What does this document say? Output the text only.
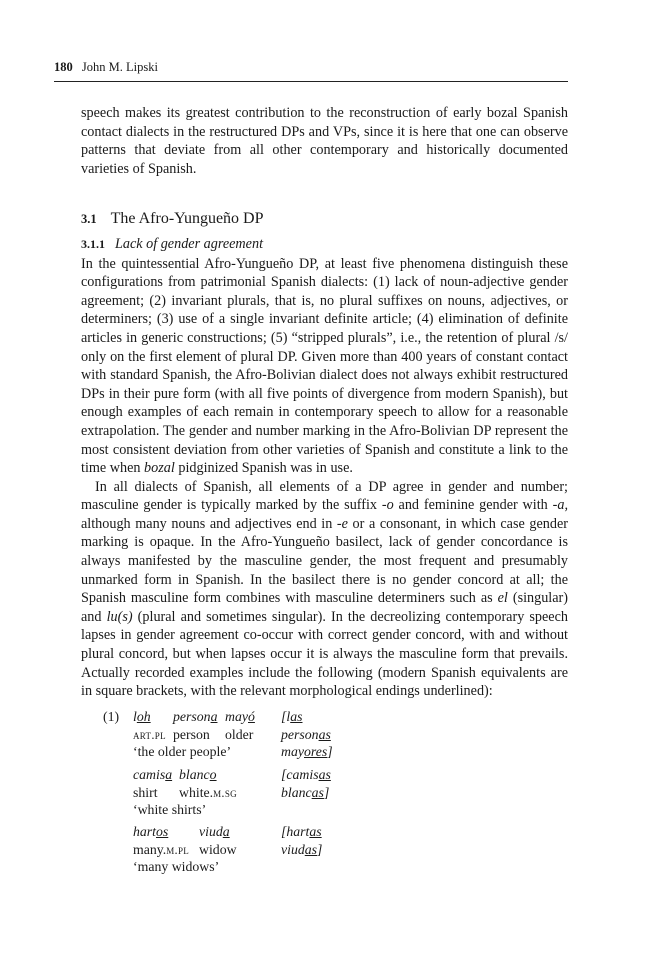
180 John M. Lipski

speech makes its greatest contribution to the reconstruction of early bozal Spanish contact dialects in the restructured DPs and VPs, since it is here that one can observe patterns that deviate from all other contemporary and historically documented varieties of Spanish.

3.1 The Afro-Yungueño DP
3.1.1 Lack of gender agreement

In the quintessential Afro-Yungueño DP, at least five phenomena distinguish these configurations from patrimonial Spanish dialects: (1) lack of noun-adjective gender agreement; (2) invariant plurals, that is, no plural suffixes on nouns, adjectives, or determiners; (3) use of a single invariant definite article; (4) elimination of definite articles in generic constructions; (5) “stripped plurals”, i.e., the retention of plural /s/ only on the first element of plural DP. Given more than 400 years of constant contact with standard Spanish, the Afro-Bolivian dialect does not always exhibit restructured DPs in their pure form (with all five points of divergence from modern Spanish), but enough examples of each remain in contemporary speech to allow for a reasonable extrapolation. The gender and number marking in the Afro-Bolivian DP represent the most consistent deviation from other varieties of Spanish and constitute a link to the time when bozal pidginized Spanish was in use.

In all dialects of Spanish, all elements of a DP agree in gender and number; masculine gender is typically marked by the suffix -o and feminine gender with -a, although many nouns and adjectives end in -e or a consonant, in which case gender marking is opaque. In the Afro-Yungueño basilect, lack of gender concordance is always manifested by the masculine gender, the most frequent and presumably unmarked form in Spanish. In the basilect there is no gender concord at all; the Spanish masculine form combines with masculine determiners such as el (singular) and lu(s) (plural and sometimes singular). In the decreolizing contemporary speech lapses in gender agreement co-occur with correct gender concord, with and without plural concord, but when lapses occur it is always the masculine form that prevails. Actually recorded examples include the following (modern Spanish equivalents are in square brackets, with the relevant morphological endings underlined):

(1) loh persona mayó
art.pl person older
‘the older people’
[las personas mayores]
camisa blanco
shirt white.m.sg
‘white shirts’
[camisas blancas]
hartos viuda
many.m.pl widow
‘many widows’
[hartas viudas]
